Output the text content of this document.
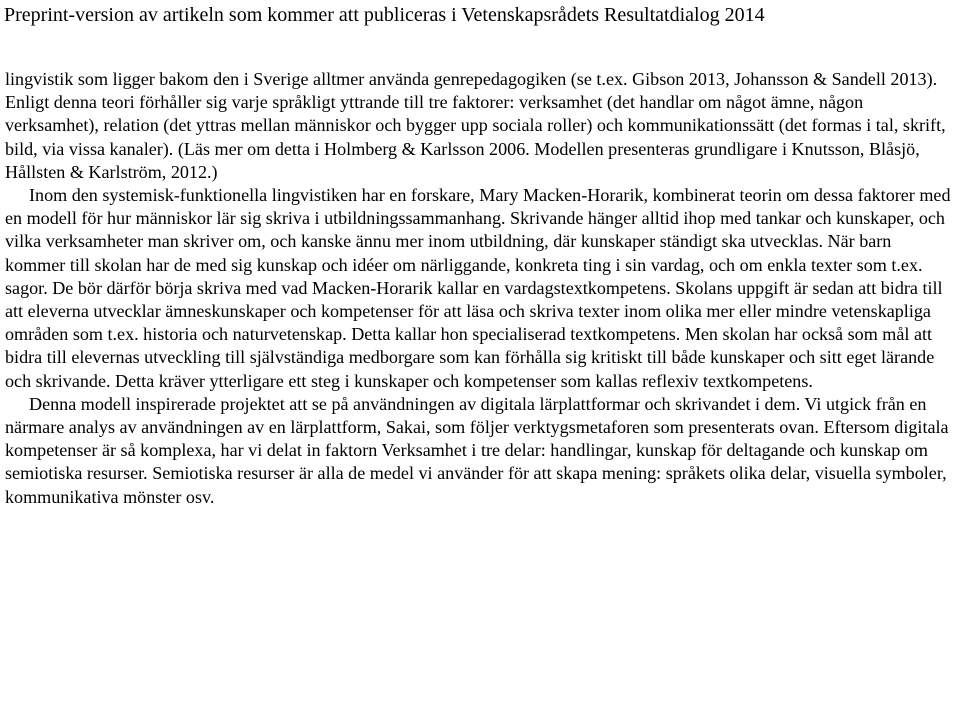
Preprint-version av artikeln som kommer att publiceras i Vetenskapsrådets Resultatdialog 2014

lingvistik som ligger bakom den i Sverige alltmer använda genrepedagogiken (se t.ex. Gibson 2013, Johansson & Sandell 2013). Enligt denna teori förhåller sig varje språkligt yttrande till tre faktorer: verksamhet (det handlar om något ämne, någon verksamhet), relation (det yttras mellan människor och bygger upp sociala roller) och kommunikationssätt (det formas i tal, skrift, bild, via vissa kanaler). (Läs mer om detta i Holmberg & Karlsson 2006. Modellen presenteras grundligare i Knutsson, Blåsjö, Hållsten & Karlström, 2012.)

Inom den systemisk-funktionella lingvistiken har en forskare, Mary Macken-Horarik, kombinerat teorin om dessa faktorer med en modell för hur människor lär sig skriva i utbildningssammanhang. Skrivande hänger alltid ihop med tankar och kunskaper, och vilka verksamheter man skriver om, och kanske ännu mer inom utbildning, där kunskaper ständigt ska utvecklas. När barn kommer till skolan har de med sig kunskap och idéer om närliggande, konkreta ting i sin vardag, och om enkla texter som t.ex. sagor. De bör därför börja skriva med vad Macken-Horarik kallar en vardagstextkompetens. Skolans uppgift är sedan att bidra till att eleverna utvecklar ämneskunskaper och kompetenser för att läsa och skriva texter inom olika mer eller mindre vetenskapliga områden som t.ex. historia och naturvetenskap. Detta kallar hon specialiserad textkompetens. Men skolan har också som mål att bidra till elevernas utveckling till självständiga medborgare som kan förhålla sig kritiskt till både kunskaper och sitt eget lärande och skrivande. Detta kräver ytterligare ett steg i kunskaper och kompetenser som kallas reflexiv textkompetens.

Denna modell inspirerade projektet att se på användningen av digitala lärplattformar och skrivandet i dem. Vi utgick från en närmare analys av användningen av en lärplattform, Sakai, som följer verktygsmetaforen som presenterats ovan. Eftersom digitala kompetenser är så komplexa, har vi delat in faktorn Verksamhet i tre delar: handlingar, kunskap för deltagande och kunskap om semiotiska resurser. Semiotiska resurser är alla de medel vi använder för att skapa mening: språkets olika delar, visuella symboler, kommunikativa mönster osv.
